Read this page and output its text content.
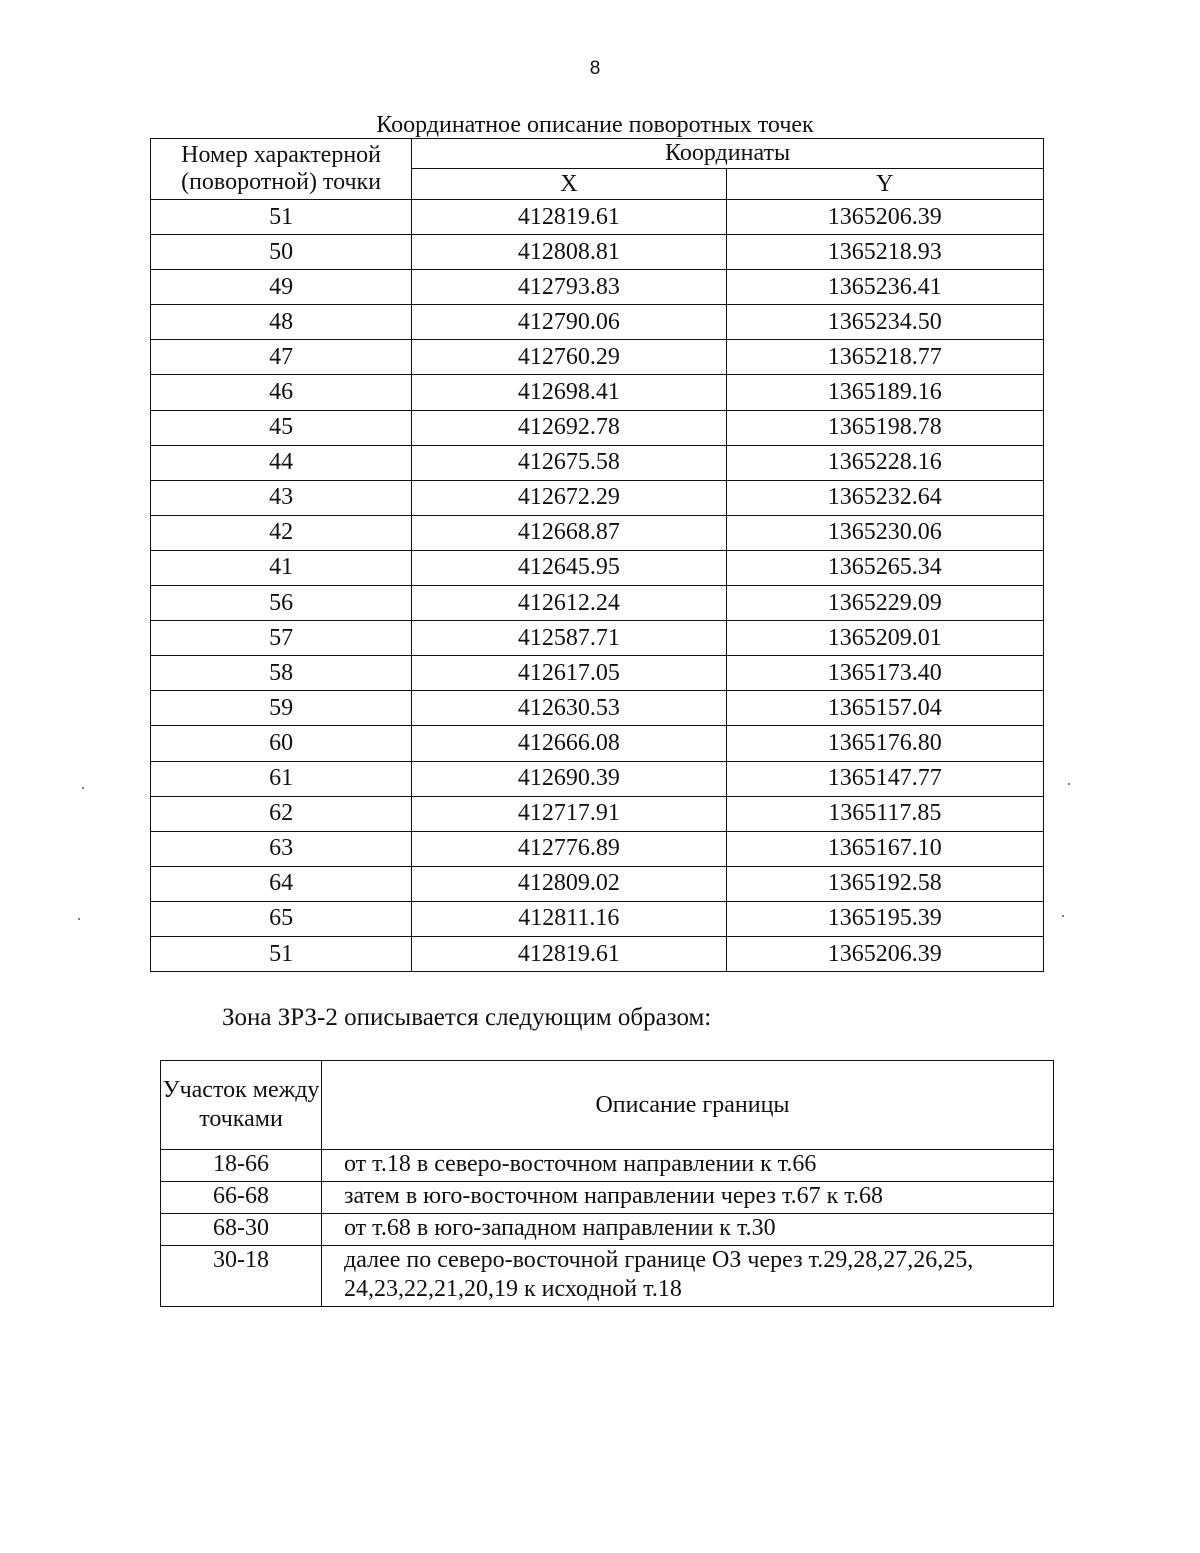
8
Координатное описание поворотных точек
Номер характерной (поворотной) точки	Координаты	
	X	Y
51	412819.61	1365206.39
50	412808.81	1365218.93
49	412793.83	1365236.41
48	412790.06	1365234.50
47	412760.29	1365218.77
46	412698.41	1365189.16
45	412692.78	1365198.78
44	412675.58	1365228.16
43	412672.29	1365232.64
42	412668.87	1365230.06
41	412645.95	1365265.34
56	412612.24	1365229.09
57	412587.71	1365209.01
58	412617.05	1365173.40
59	412630.53	1365157.04
60	412666.08	1365176.80
61	412690.39	1365147.77
62	412717.91	1365117.85
63	412776.89	1365167.10
64	412809.02	1365192.58
65	412811.16	1365195.39
51	412819.61	1365206.39
Зона ЗРЗ-2 описывается следующим образом:
Участок между точками	Описание границы
18-66	от т.18 в северо-восточном направлении к т.66
66-68	затем в юго-восточном направлении через т.67 к т.68
68-30	от т.68 в юго-западном направлении к т.30
30-18	далее по северо-восточной границе ОЗ через т.29,28,27,26,25, 24,23,22,21,20,19 к исходной т.18
